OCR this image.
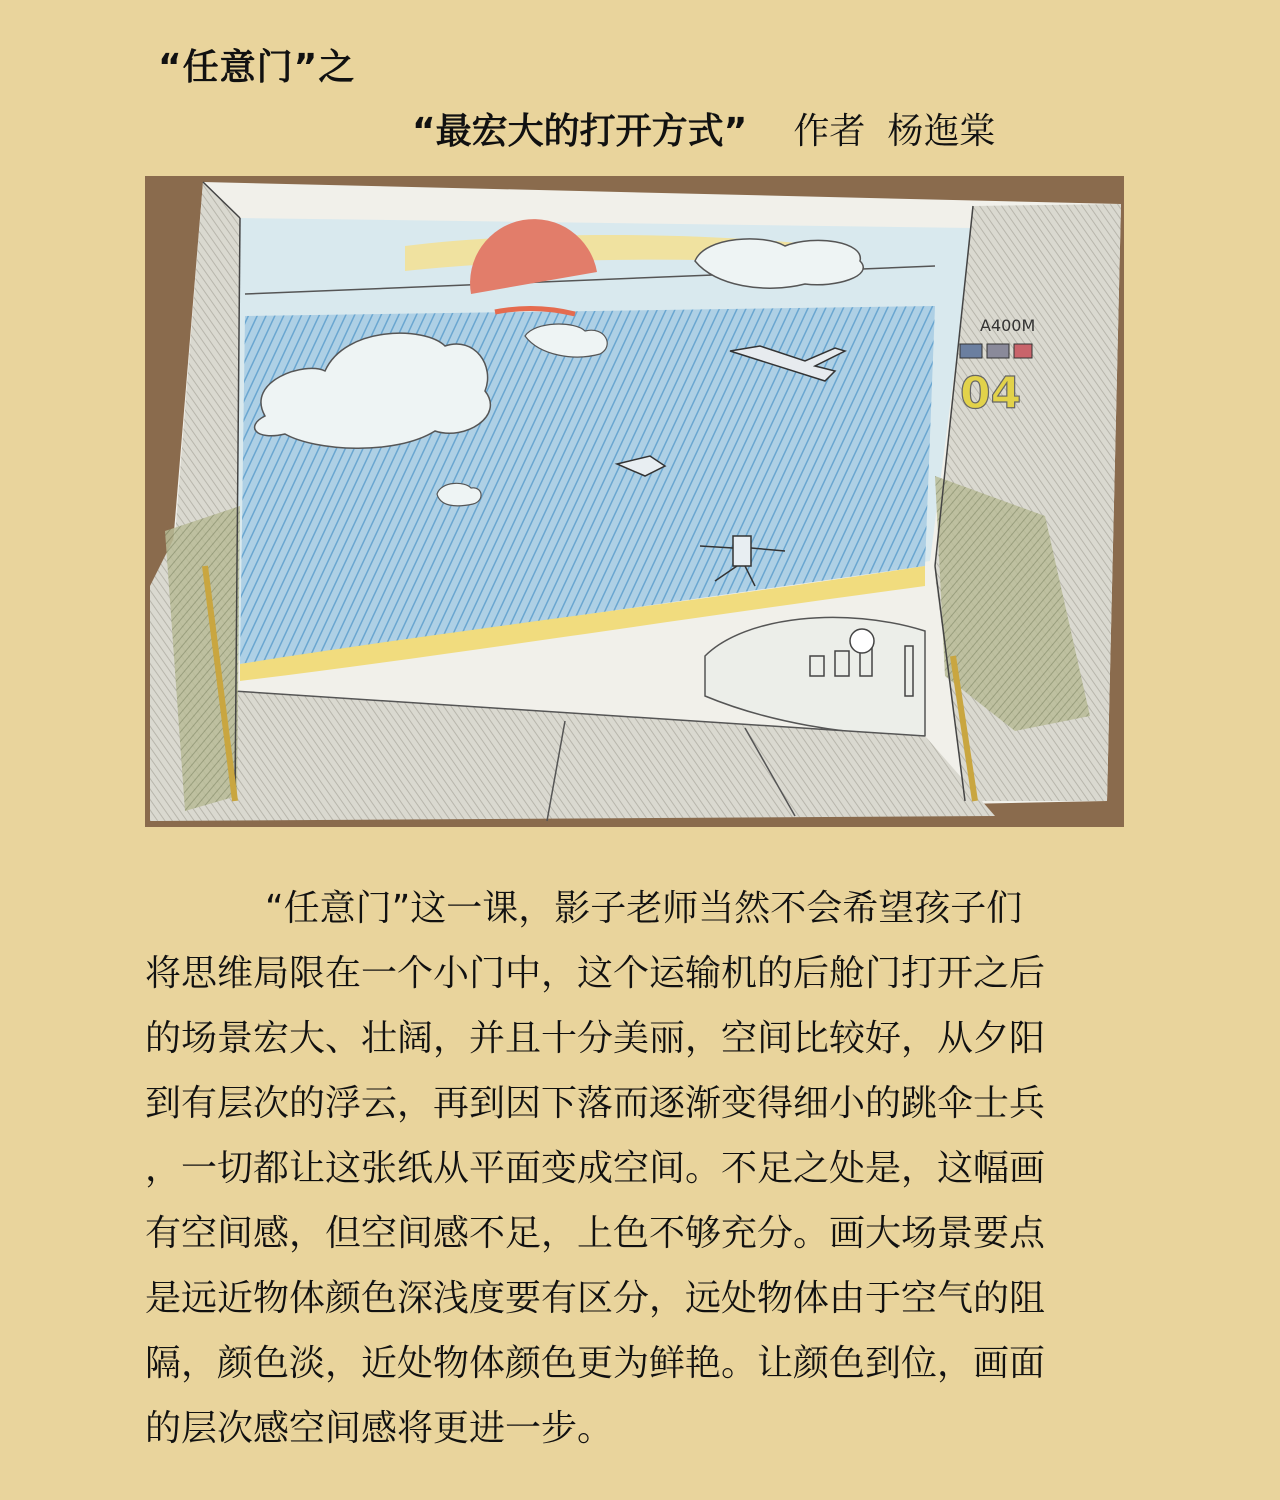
“任意门”之
“最宏大的打开方式” 作者 杨迤棠
A400M
04

“任意门”这一课，影子老师当然不会希望孩子们

将思维局限在一个小门中，这个运输机的后舱门打开之后

的场景宏大、壮阔，并且十分美丽，空间比较好，从夕阳

到有层次的浮云，再到因下落而逐渐变得细小的跳伞士兵

，一切都让这张纸从平面变成空间。不足之处是，这幅画

有空间感，但空间感不足，上色不够充分。画大场景要点

是远近物体颜色深浅度要有区分，远处物体由于空气的阻

隔，颜色淡，近处物体颜色更为鲜艳。让颜色到位，画面

的层次感空间感将更进一步。
